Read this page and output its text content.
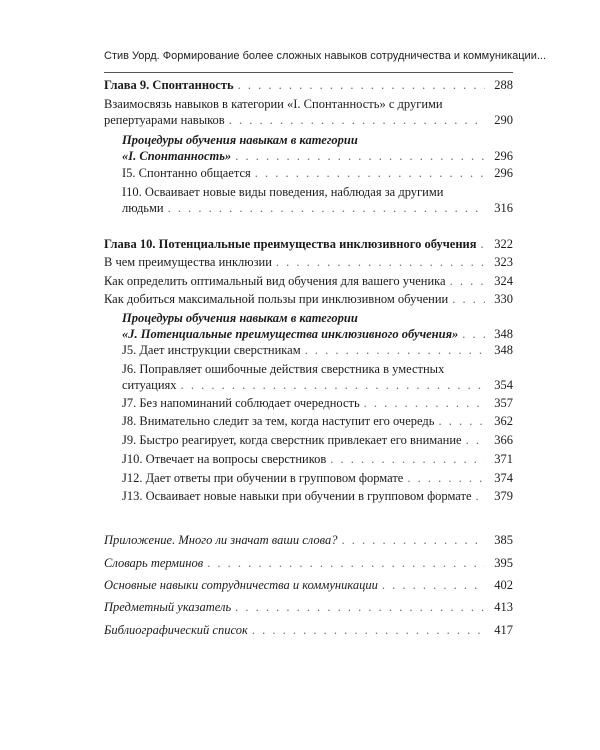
Стив Уорд. Формирование более сложных навыков сотрудничества и коммуникации...
Глава 9. Спонтанность . . .	288
Взаимосвязь навыков в категории «I. Спонтанность» с другими
репертуарами навыков . . .	290
Процедуры обучения навыкам в категории
«I. Спонтанность» . . .	296
I5. Спонтанно общается . . .	296
I10. Осваивает новые виды поведения, наблюдая за другими
людьми . . .	316
Глава 10. Потенциальные преимущества инклюзивного обучения . . .	322
В чем преимущества инклюзии . . .	323
Как определить оптимальный вид обучения для вашего ученика . . .	324
Как добиться максимальной пользы при инклюзивном обучении . . .	330
Процедуры обучения навыкам в категории
«J. Потенциальные преимущества инклюзивного обучения» . . .	348
J5. Дает инструкции сверстникам . . .	348
J6. Поправляет ошибочные действия сверстника в уместных
ситуациях . . .	354
J7. Без напоминаний соблюдает очередность . . .	357
J8. Внимательно следит за тем, когда наступит его очередь . . .	362
J9. Быстро реагирует, когда сверстник привлекает его внимание . . .	366
J10. Отвечает на вопросы сверстников . . .	371
J12. Дает ответы при обучении в групповом формате . . .	374
J13. Осваивает новые навыки при обучении в групповом формате . . .	379
Приложение. Много ли значат ваши слова? . . .	385
Словарь терминов . . .	395
Основные навыки сотрудничества и коммуникации . . .	402
Предметный указатель . . .	413
Библиографический список . . .	417
